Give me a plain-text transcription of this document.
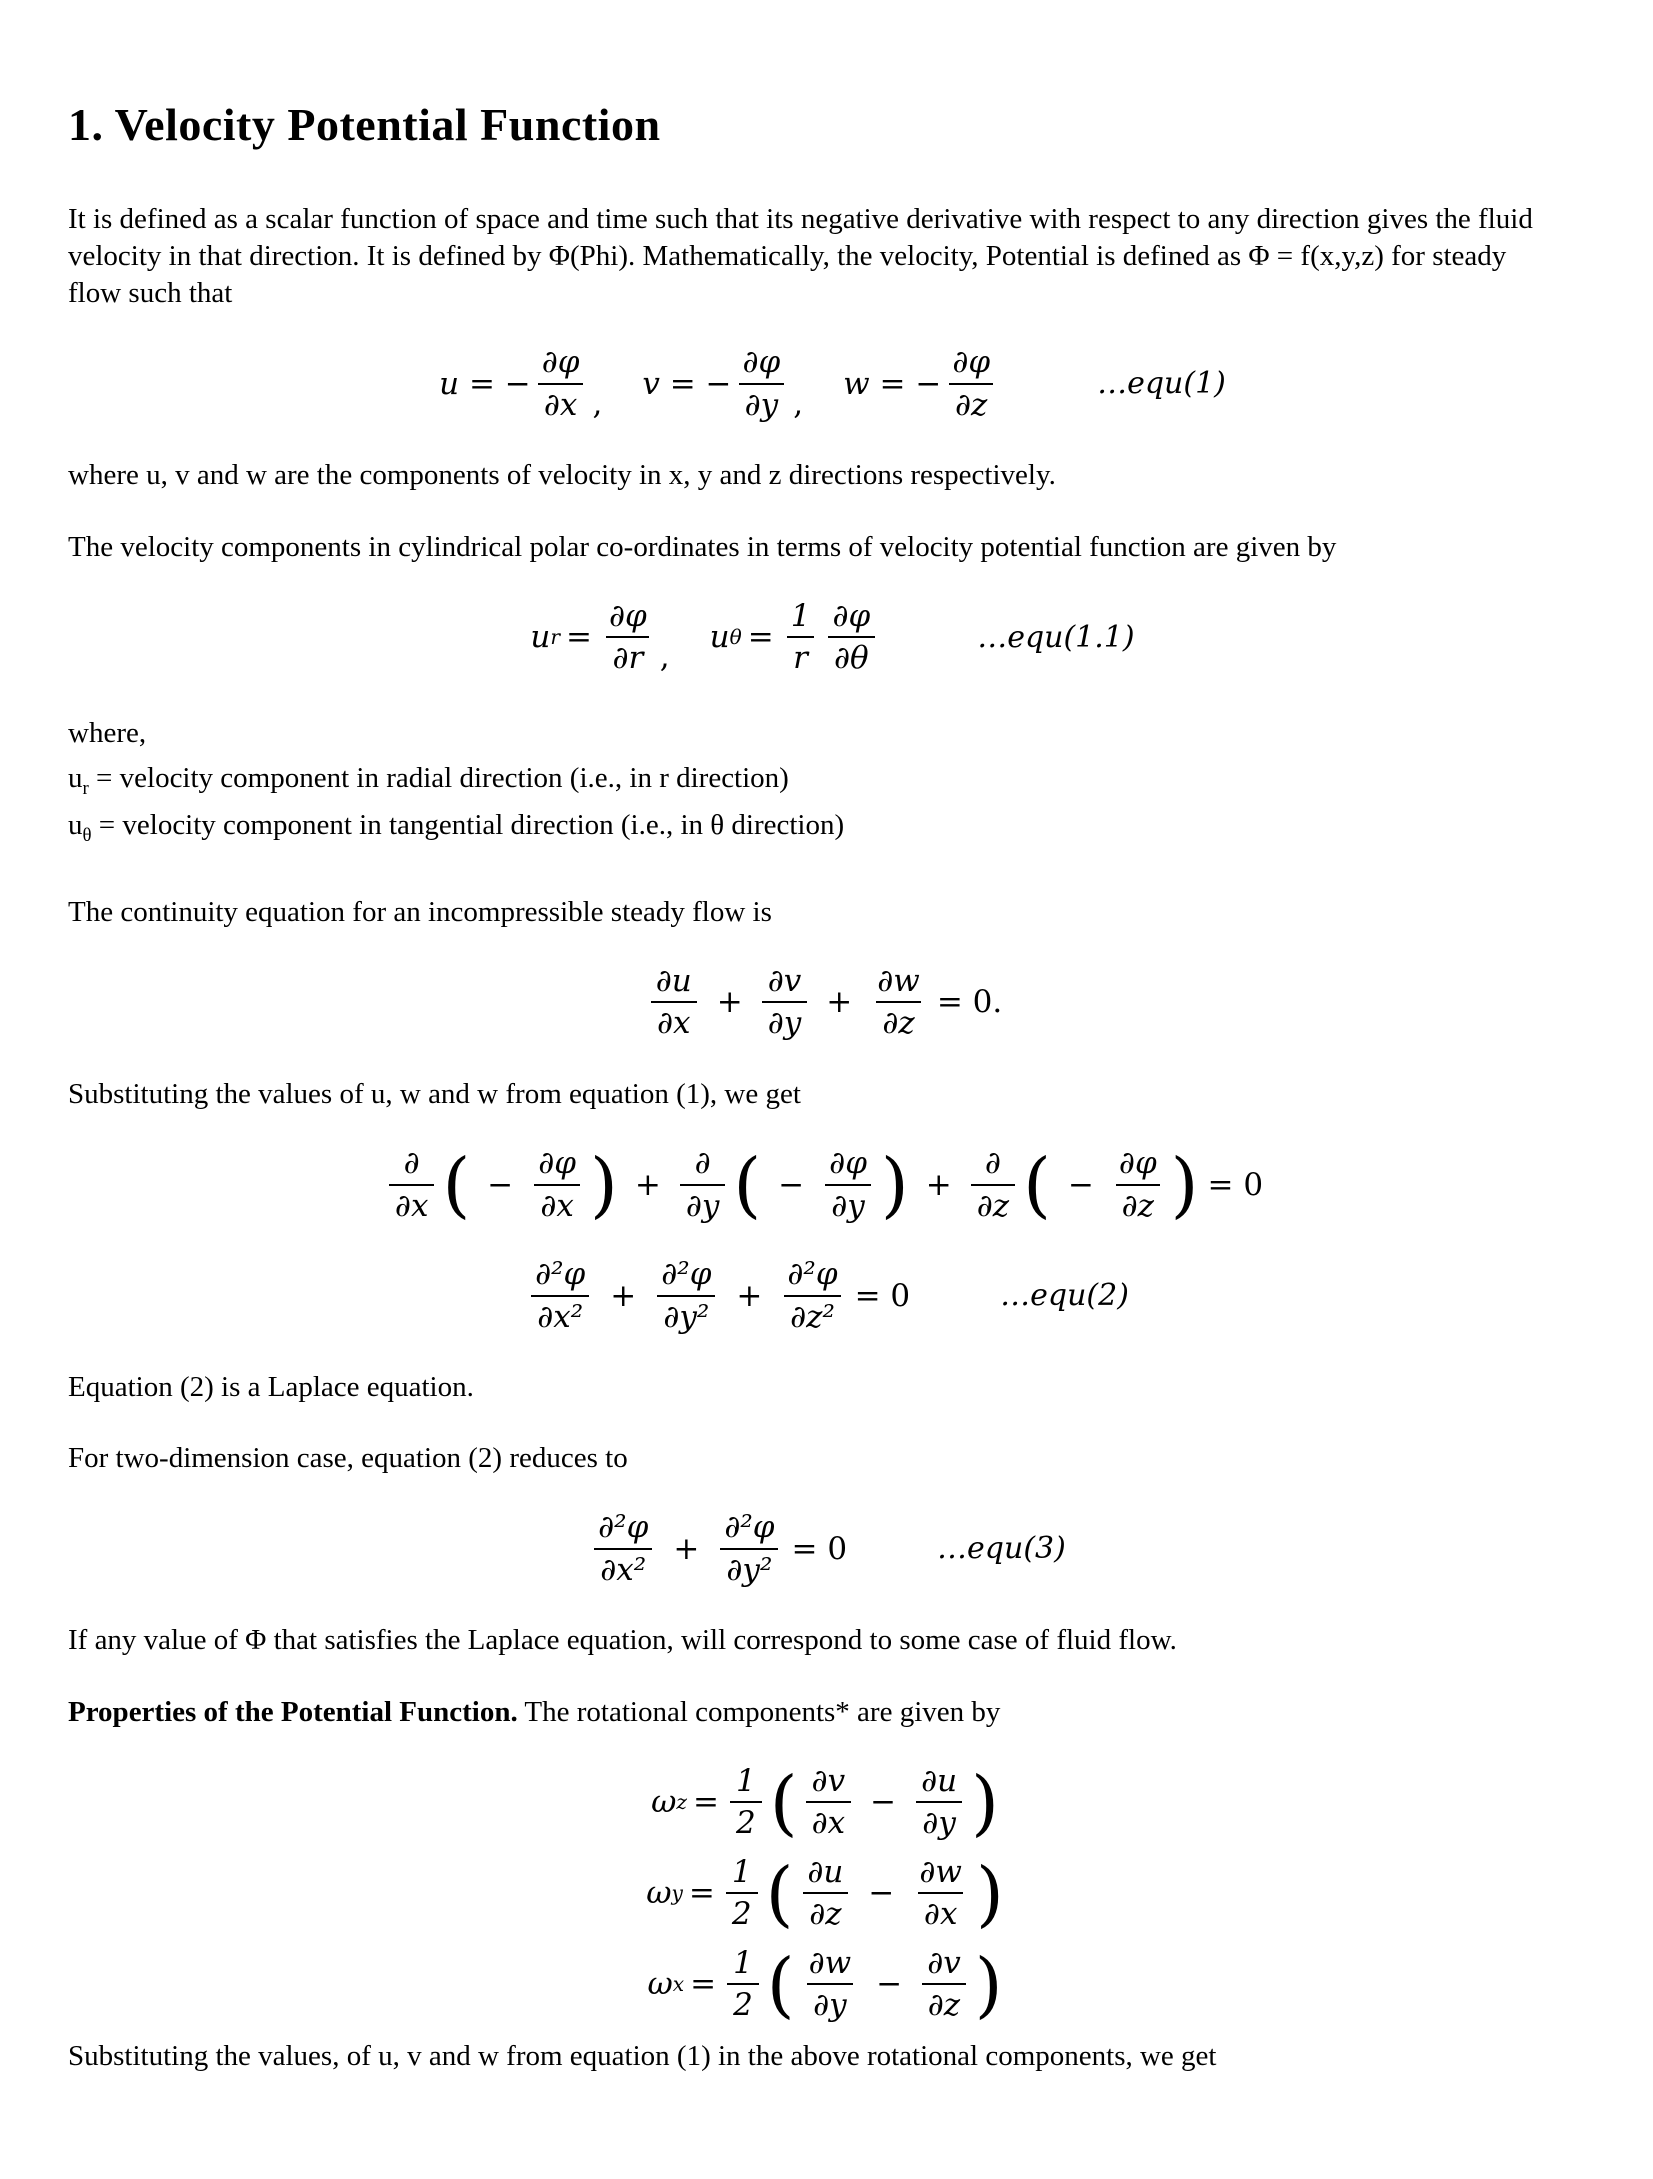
1. Velocity Potential Function

It is defined as a scalar function of space and time such that its negative derivative with respect to any direction gives the fluid velocity in that direction. It is defined by Φ(Phi). Mathematically, the velocity, Potential is defined as Φ = f(x,y,z) for steady flow such that

u = − $\frac{\partial\varphi}{\partial x}$ ,
v = − $\frac{\partial\varphi}{\partial y}$ ,
w = − $\frac{\partial\varphi}{\partial z}$	…equ(1)

where u, v and w are the components of velocity in x, y and z directions respectively.

The velocity components in cylindrical polar co-ordinates in terms of velocity potential function are given by

u $r = \frac{\partial\varphi}{\partial r}$ ,
u $\theta = \frac{1}{r} \frac{\partial\varphi}{\partial\theta}$	…equ(1.1)
where,
$u_r$ = velocity component in radial direction (i.e., in r direction)
$u_\theta$ = velocity component in tangential direction (i.e., in θ direction)

The continuity equation for an incompressible steady flow is

$\frac{\partial u}{\partial x} + \frac{\partial v}{\partial y} + \frac{\partial w}{\partial z} = 0$.

Substituting the values of u, w and w from equation (1), we get

$\frac{\partial}{\partial x}$ ( − $\frac{\partial\varphi}{\partial x}$ ) + $\frac{\partial}{\partial y}$ ( − $\frac{\partial\varphi}{\partial y}$ ) + $\frac{\partial}{\partial z}$ ( − $\frac{\partial\varphi}{\partial z}$ ) = 0
$\frac{\text{∂²φ}}{\text{∂x²}} + \frac{\text{∂²φ}}{\text{∂y²}} + \frac{\text{∂²φ}}{\text{∂z²}} = 0$	…equ(2)

Equation (2) is a Laplace equation.

For two-dimension case, equation (2) reduces to

$\frac{\text{∂²φ}}{\text{∂x²}} + \frac{\text{∂²φ}}{\text{∂y²}} = 0$	…equ(3)

If any value of Φ that satisfies the Laplace equation, will correspond to some case of fluid flow.

Properties of the Potential Function. The rotational components* are given by

ω $z = \frac{1}{2}$ ( $\frac{\partial v}{\partial x} - \frac{\partial u}{\partial y}$ )
ω $y = \frac{1}{2}$ ( $\frac{\partial u}{\partial z} - \frac{\partial w}{\partial x}$ )
ω $x = \frac{1}{2}$ ( $\frac{\partial w}{\partial y} - \frac{\partial v}{\partial z}$ )

Substituting the values, of u, v and w from equation (1) in the above rotational components, we get
